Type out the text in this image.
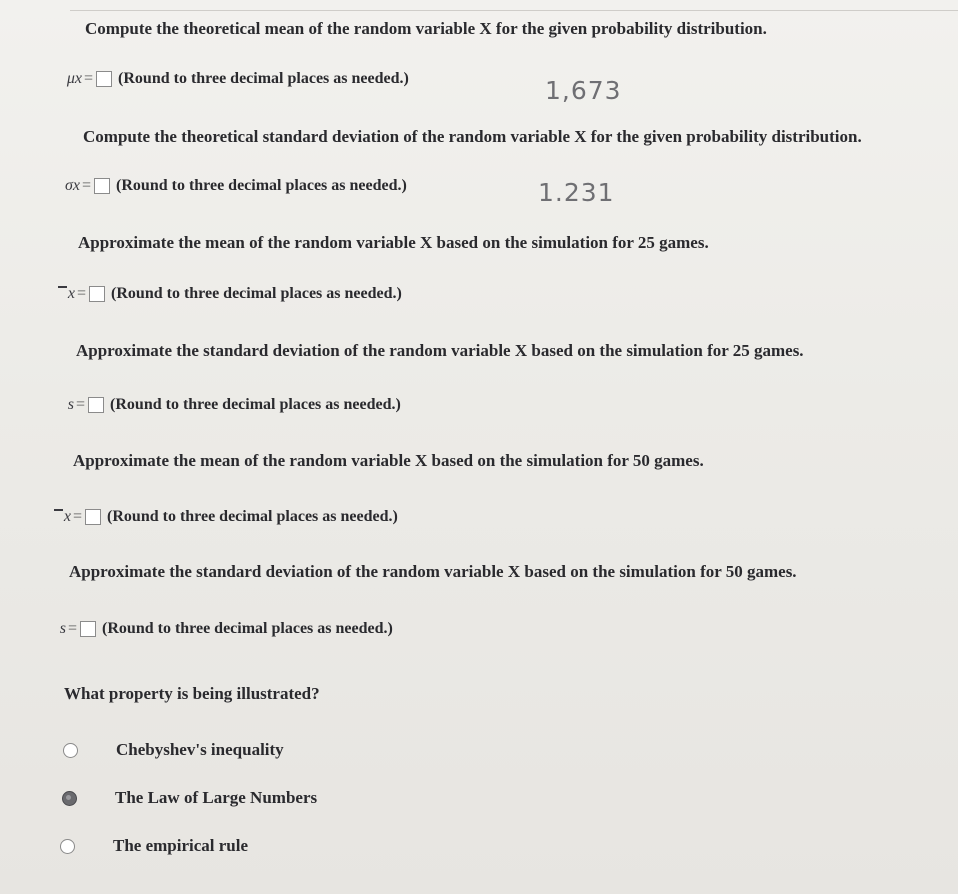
Compute the theoretical mean of the random variable X for the given probability distribution.
μx = (Round to three decimal places as needed.)	1,673
Compute the theoretical standard deviation of the random variable X for the given probability distribution.
σx = (Round to three decimal places as needed.)	1.231
Approximate the mean of the random variable X based on the simulation for 25 games.
x = (Round to three decimal places as needed.)
Approximate the standard deviation of the random variable X based on the simulation for 25 games.
s = (Round to three decimal places as needed.)
Approximate the mean of the random variable X based on the simulation for 50 games.
x = (Round to three decimal places as needed.)
Approximate the standard deviation of the random variable X based on the simulation for 50 games.
s = (Round to three decimal places as needed.)
What property is being illustrated?
Chebyshev's inequality
The Law of Large Numbers
The empirical rule
